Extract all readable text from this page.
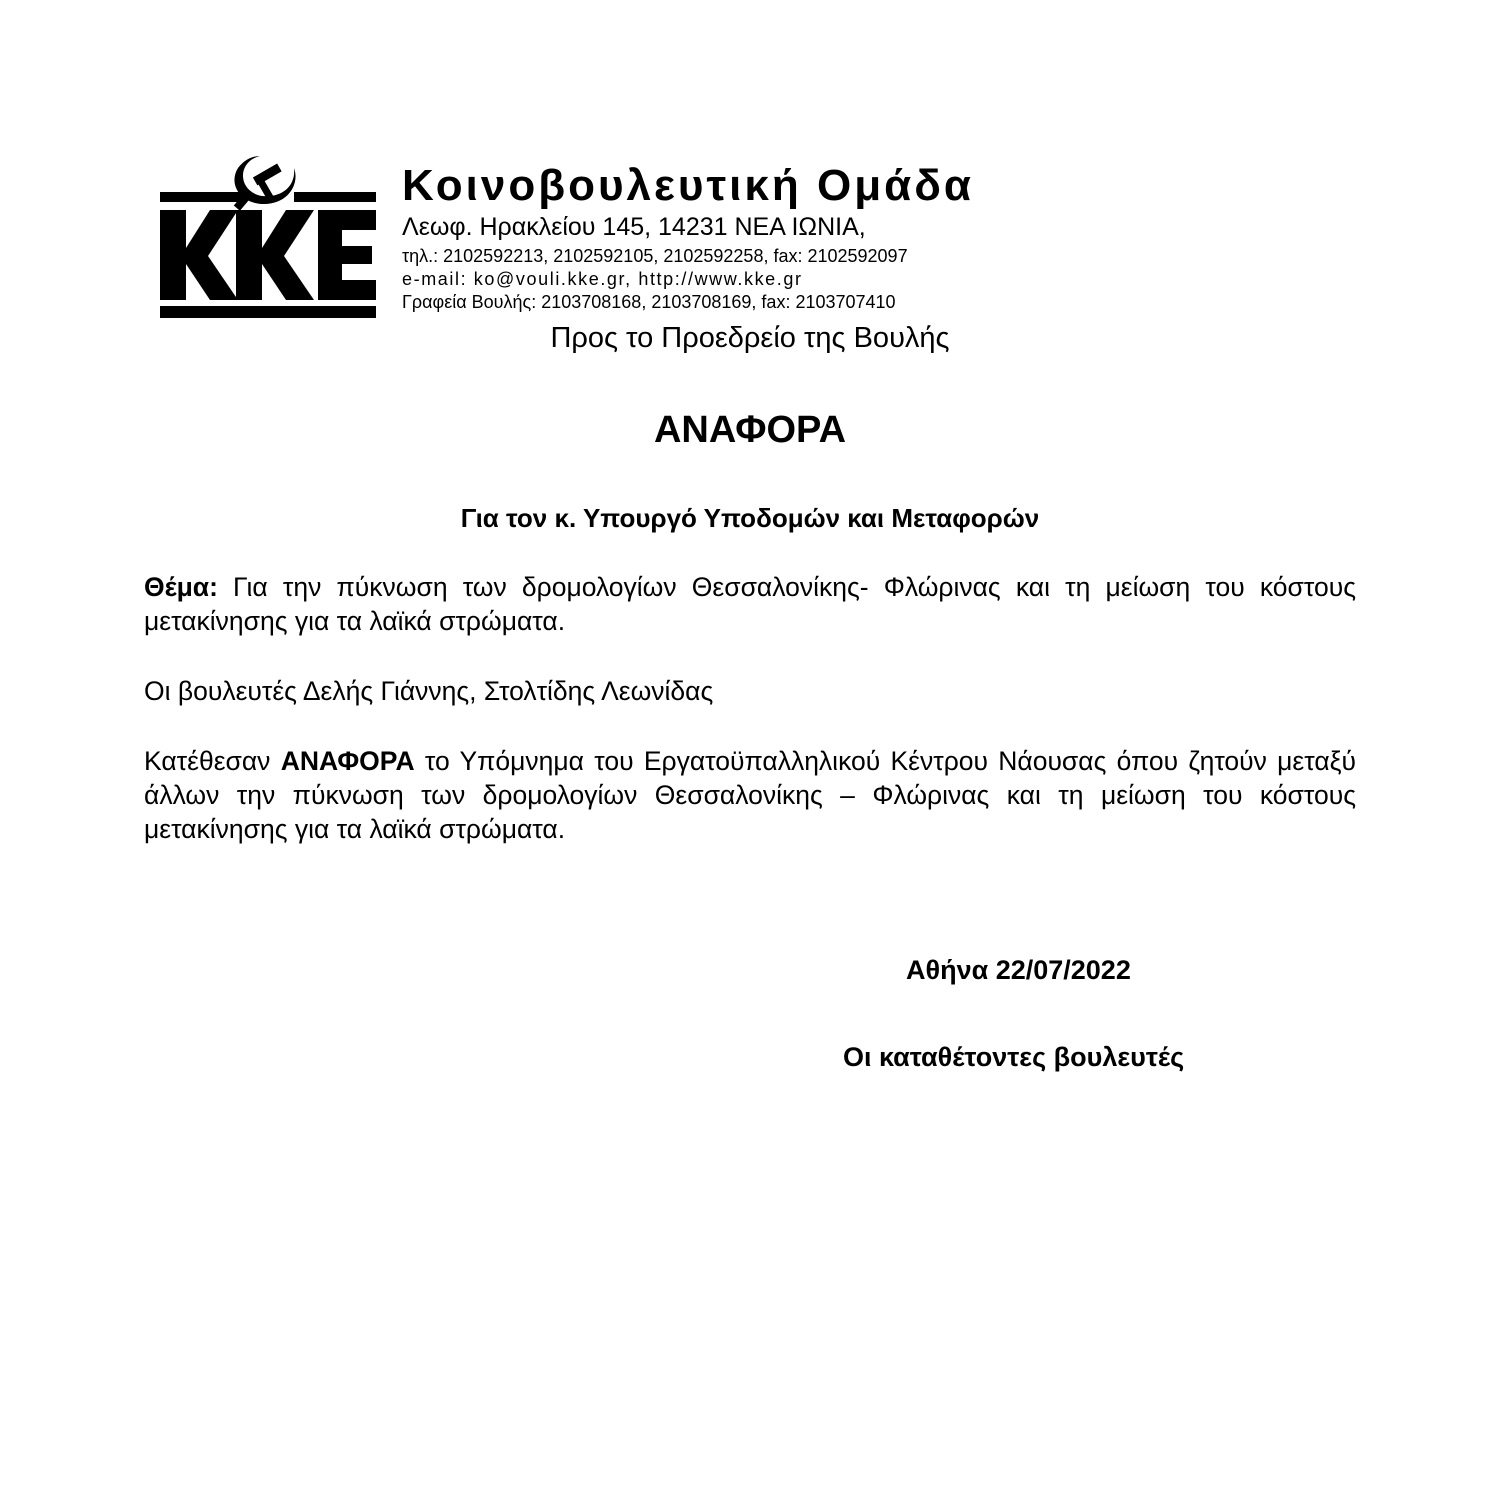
Κοινοβουλευτική Ομάδα
Λεωφ. Ηρακλείου 145, 14231 ΝΕΑ ΙΩΝΙΑ,
τηλ.: 2102592213, 2102592105, 2102592258, fax: 2102592097
e-mail: ko@vouli.kke.gr, http://www.kke.gr
Γραφεία Βουλής: 2103708168, 2103708169, fax: 2103707410
Προς το Προεδρείο της Βουλής
ΑΝΑΦΟΡΑ
Για τον κ. Υπουργό Υποδομών και Μεταφορών
Θέμα: Για την πύκνωση των δρομολογίων Θεσσαλονίκης- Φλώρινας και τη μείωση του κόστους μετακίνησης για τα λαϊκά στρώματα.
Οι βουλευτές Δελής Γιάννης, Στολτίδης Λεωνίδας
Κατέθεσαν ΑΝΑΦΟΡΑ το Υπόμνημα του Εργατοϋπαλληλικού Κέντρου Νάουσας όπου ζητούν μεταξύ άλλων την πύκνωση των δρομολογίων Θεσσαλονίκης – Φλώρινας και τη μείωση του κόστους μετακίνησης για τα λαϊκά στρώματα.
Αθήνα 22/07/2022
Οι καταθέτοντες βουλευτές
